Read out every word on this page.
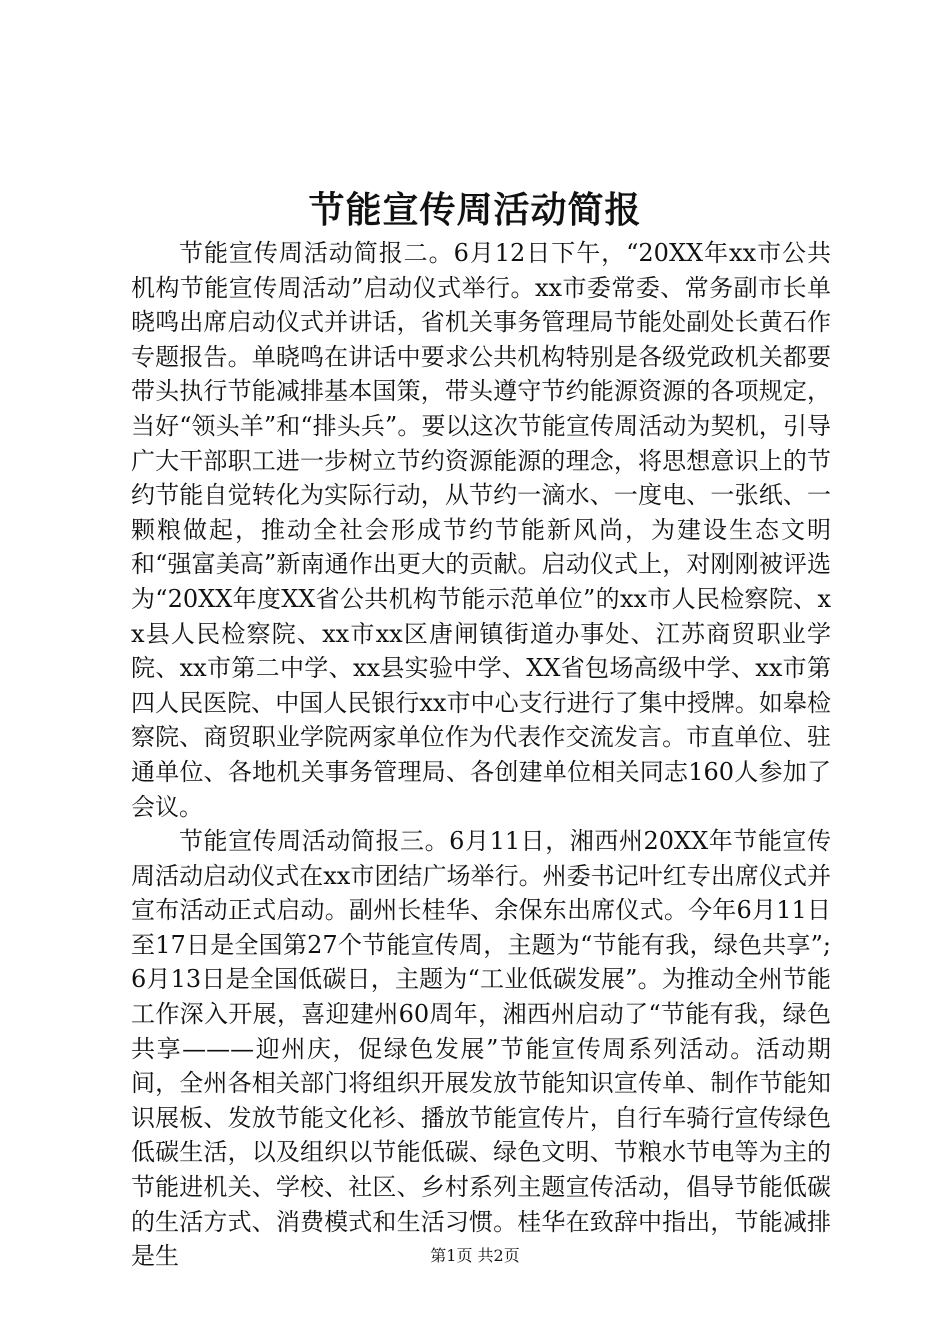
节能宣传周活动简报

节能宣传周活动简报二。6月12日下午，“20XX年xx市公共机构节能宣传周活动”启动仪式举行。xx市委常委、常务副市长单晓鸣出席启动仪式并讲话，省机关事务管理局节能处副处长黄石作专题报告。单晓鸣在讲话中要求公共机构特别是各级党政机关都要带头执行节能减排基本国策，带头遵守节约能源资源的各项规定，当好“领头羊”和“排头兵”。要以这次节能宣传周活动为契机，引导广大干部职工进一步树立节约资源能源的理念，将思想意识上的节约节能自觉转化为实际行动，从节约一滴水、一度电、一张纸、一颗粮做起，推动全社会形成节约节能新风尚，为建设生态文明和“强富美高”新南通作出更大的贡献。启动仪式上，对刚刚被评选为“20XX年度XX省公共机构节能示范单位”的xx市人民检察院、xx县人民检察院、xx市xx区唐闸镇街道办事处、江苏商贸职业学院、xx市第二中学、xx县实验中学、XX省包场高级中学、xx市第四人民医院、中国人民银行xx市中心支行进行了集中授牌。如皋检察院、商贸职业学院两家单位作为代表作交流发言。市直单位、驻通单位、各地机关事务管理局、各创建单位相关同志160人参加了会议。

节能宣传周活动简报三。6月11日，湘西州20XX年节能宣传周活动启动仪式在xx市团结广场举行。州委书记叶红专出席仪式并宣布活动正式启动。副州长桂华、余保东出席仪式。今年6月11日至17日是全国第27个节能宣传周，主题为“节能有我，绿色共享”;6月13日是全国低碳日，主题为“工业低碳发展”。为推动全州节能工作深入开展，喜迎建州60周年，湘西州启动了“节能有我，绿色共享———迎州庆，促绿色发展”节能宣传周系列活动。活动期间，全州各相关部门将组织开展发放节能知识宣传单、制作节能知识展板、发放节能文化衫、播放节能宣传片，自行车骑行宣传绿色低碳生活，以及组织以节能低碳、绿色文明、节粮水节电等为主的节能进机关、学校、社区、乡村系列主题宣传活动，倡导节能低碳的生活方式、消费模式和生活习惯。桂华在致辞中指出，节能减排是生	第1页 共2页
